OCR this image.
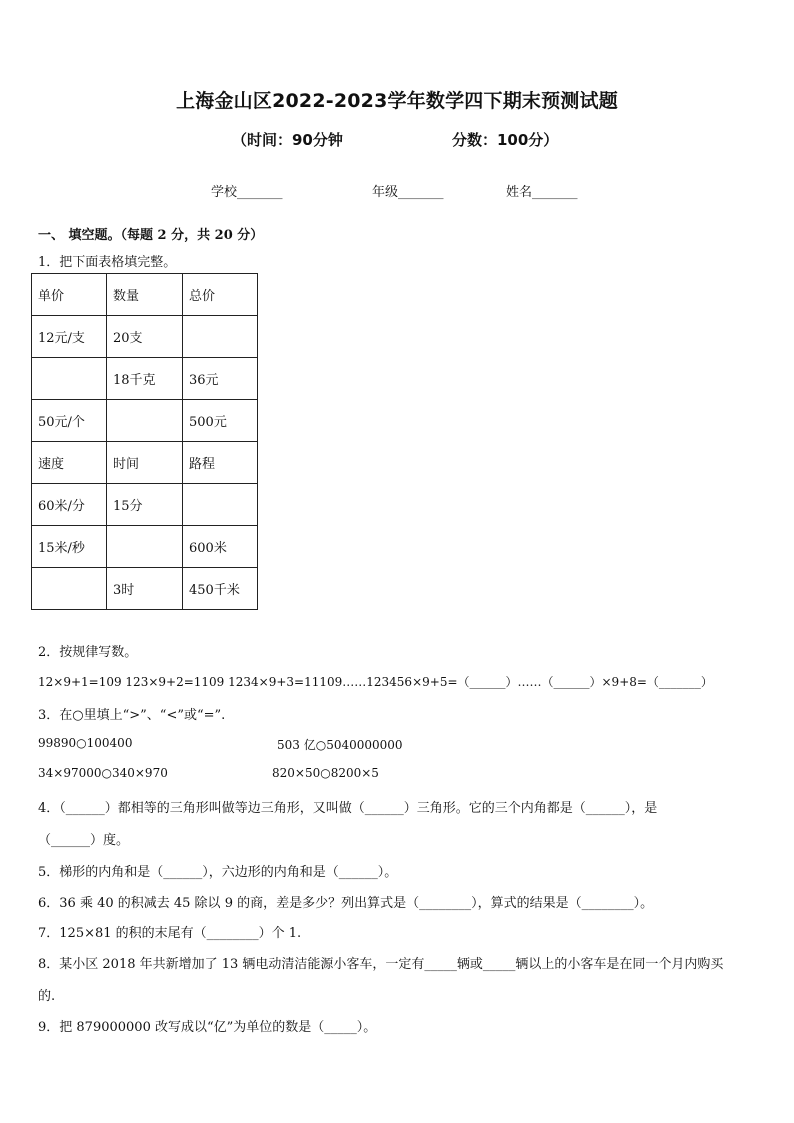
上海金山区2022-2023学年数学四下期末预测试题
（时间：90分钟	分数：100分）
学校_______	年级_______	姓名_______
一、 填空题。（每题 2 分，共 20 分）
1．把下面表格填完整。
单价	数量	总价
12元/支	20支	
	18千克	36元
50元/个		500元
速度	时间	路程
60米/分	15分	
15米/秒		600米
	3时	450千米
2．按规律写数。
12×9+1=109 123×9+2=1109 1234×9+3=11109……123456×9+5=（______）……（______）×9+8=（_______）
3．在○里填上“>”、“<”或“=”.
99890○100400	503 亿○5040000000
34×97000○340×970	820×50○8200×5
4．（______）都相等的三角形叫做等边三角形，又叫做（______）三角形。它的三个内角都是（______），是
（______）度。
5．梯形的内角和是（______），六边形的内角和是（______）。
6．36 乘 40 的积减去 45 除以 9 的商，差是多少？列出算式是（________），算式的结果是（________）。
7．125×81 的积的末尾有（________）个 1.
8．某小区 2018 年共新增加了 13 辆电动清洁能源小客车，一定有_____辆或_____辆以上的小客车是在同一个月内购买
的.
9．把 879000000 改写成以“亿”为单位的数是（_____）。
